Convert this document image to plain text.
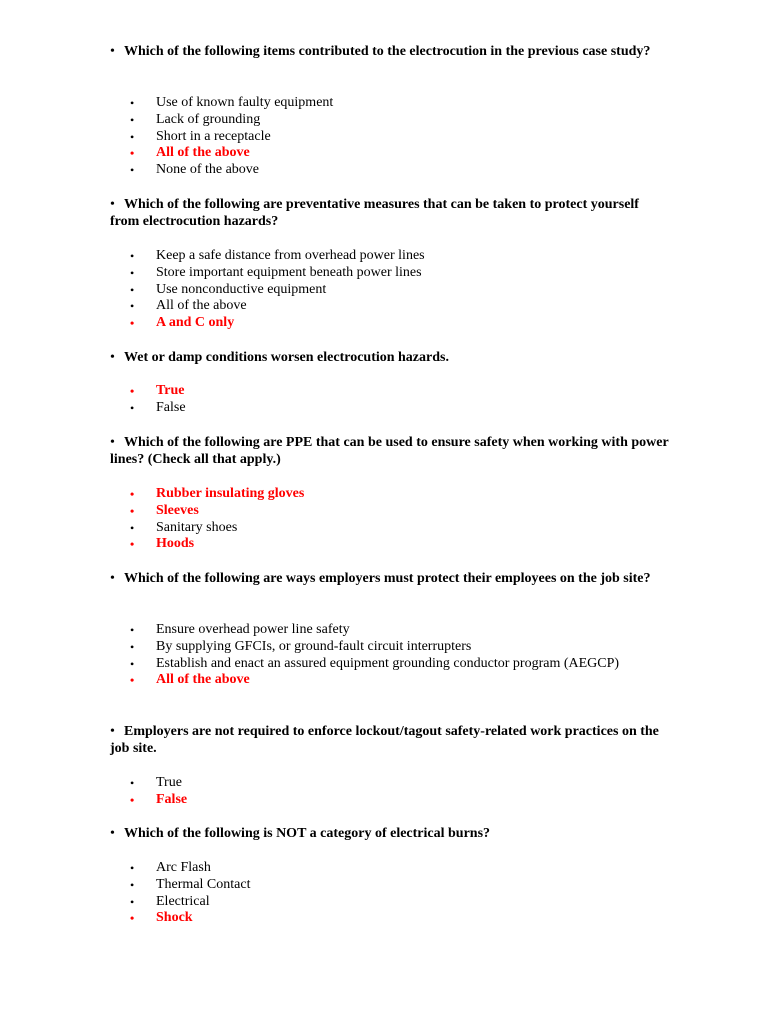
• Which of the following items contributed to the electrocution in the previous case study?
• Use of known faulty equipment
• Lack of grounding
• Short in a receptacle
• All of the above
• None of the above
• Which of the following are preventative measures that can be taken to protect yourself from electrocution hazards?
• Keep a safe distance from overhead power lines
• Store important equipment beneath power lines
• Use nonconductive equipment
• All of the above
• A and C only
• Wet or damp conditions worsen electrocution hazards.
• True
• False
• Which of the following are PPE that can be used to ensure safety when working with power lines? (Check all that apply.)
• Rubber insulating gloves
• Sleeves
• Sanitary shoes
• Hoods
• Which of the following are ways employers must protect their employees on the job site?
• Ensure overhead power line safety
• By supplying GFCIs, or ground-fault circuit interrupters
• Establish and enact an assured equipment grounding conductor program (AEGCP)
• All of the above
• Employers are not required to enforce lockout/tagout safety-related work practices on the job site.
• True
• False
• Which of the following is NOT a category of electrical burns?
• Arc Flash
• Thermal Contact
• Electrical
• Shock
